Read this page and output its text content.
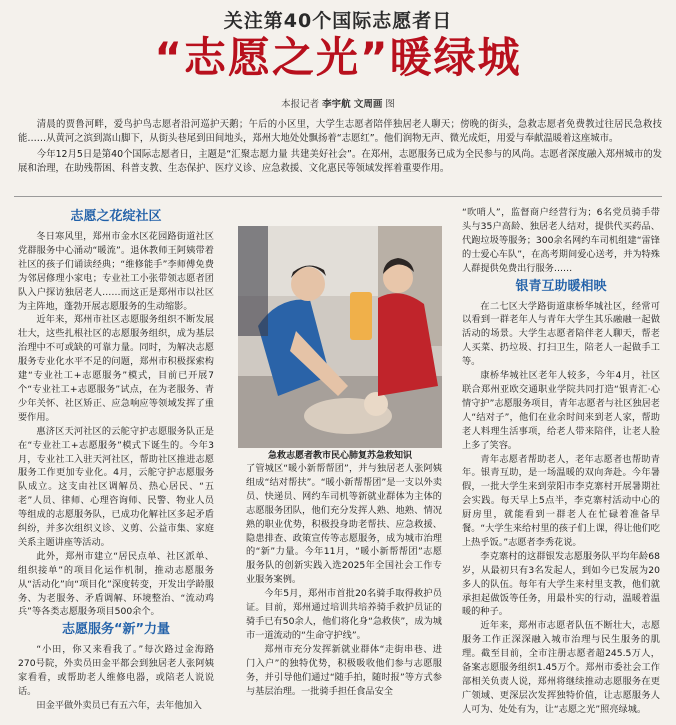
关注第40个国际志愿者日
“志愿之光”暖绿城
本报记者 李宇航 文周画 图

清晨的贾鲁河畔，爱鸟护鸟志愿者沿河巡护天鹅；午后的小区里，大学生志愿者陪伴独居老人聊天；傍晚的街头，急救志愿者免费教过往居民急救技能……从黄河之滨到嵩山脚下，从街头巷尾到田间地头，郑州大地处处飘扬着“志愿红”。他们润物无声、微光成炬，用爱与奉献温暖着这座城市。

今年12月5日是第40个国际志愿者日，主题是“汇聚志愿力量 共建美好社会”。在郑州，志愿服务已成为全民参与的风尚。志愿者深度融入郑州城市的发展和治理，在助残帮困、科普支教、生态保护、医疗义诊、应急救援、文化惠民等领域发挥着重要作用。

志愿之花绽社区

冬日寒风里，郑州市金水区花园路街道社区党群服务中心涌动“暖流”。退休教师王阿姨带着社区的孩子们诵读经典；“维修能手”李师傅免费为邻居修理小家电；专业社工小张带领志愿者团队入户探访独居老人……而这正是郑州市以社区为主阵地，蓬勃开展志愿服务的生动缩影。

近年来，郑州市社区志愿服务组织不断发展壮大，这些扎根社区的志愿服务组织，成为基层治理中不可或缺的可靠力量。同时，为解决志愿服务专业化水平不足的问题，郑州市积极探索构建“专业社工+志愿服务”模式，目前已开展7个“专业社工+志愿服务”试点，在为老服务、青少年关怀、社区矫正、应急响应等领域发挥了重要作用。

惠济区天河社区的云舵守护志愿服务队正是在“专业社工+志愿服务”模式下诞生的。今年3月，专业社工入驻天河社区，帮助社区推进志愿服务工作更加专业化。4月，云舵守护志愿服务队成立。这支由社区调解员、热心居民、“五老”人员、律师、心理咨询师、民警、物业人员等组成的志愿服务队，已成功化解社区多起矛盾纠纷，并多次组织义诊、义剪、公益市集、家庭关系主题讲座等活动。

此外，郑州市建立“居民点单、社区派单、组织接单”的项目化运作机制，推动志愿服务从“活动化”向“项目化”深度转变，开发出学龄服务、为老服务、矛盾调解、环境整治、“流动鸡兵”等各类志愿服务项目500余个。

志愿服务“新”力量

“小田，你又来看我了。”每次路过金海路270号院，外卖员田金平都会到独居老人张阿姨家看看，或帮助老人维修电器，或陪老人说说话。

田金平做外卖员已有五六年，去年他加入

急救志愿者教市民心肺复苏急救知识

了管城区“暖小新帮帮团”，并与独居老人张阿姨组成“结对帮扶”。“暖小新帮帮团”是一支以外卖员、快递员、网约车司机等新就业群体为主体的志愿服务团队，他们充分发挥人熟、地熟、情况熟的职业优势，积极投身助老帮扶、应急救援、隐患排查、政策宣传等志愿服务，成为城市治理的“新”力量。今年11月，“暖小新帮帮团”志愿服务队的创新实践入选2025年全国社会工作专业服务案例。

今年5月，郑州市首批20名骑手取得救护员证。目前，郑州通过培训共培养骑手救护员证的骑手已有50余人，他们将化身“急救侠”，成为城市一道流动的“生命守护线”。

郑州市充分发挥新就业群体“走街串巷、进门入户”的独特优势，积极吸收他们参与志愿服务，并引导他们通过“随手拍，随时报”等方式参与基层治理。一批骑手担任食品安全

“吹哨人”，监督商户经营行为；6名党员骑手带头与35户高龄、独居老人结对，提供代买药品、代跑垃圾等服务；300余名网约车司机组建“雷锋的士爱心车队”，在高考期间爱心送考，并为特殊人群提供免费出行服务……

银青互助暖相映

在二七区大学路街道康桥华城社区，经常可以看到一群老年人与青年大学生其乐融融一起做活动的场景。大学生志愿者陪伴老人聊天，帮老人买菜、扔垃圾、打扫卫生，陪老人一起做手工等。

康桥华城社区老年人较多，今年4月，社区联合郑州亚欧交通职业学院共同打造“银青汇·心情守护”志愿服务项目，青年志愿者与社区独居老人“结对子”，他们在业余时间来到老人家，帮助老人料理生活事项，给老人带来陪伴，让老人脸上多了笑容。

青年志愿者帮助老人，老年志愿者也帮助青年。银青互助，是一场温暖的双向奔赴。今年暑假，一批大学生来到荥阳市李克寨村开展暑期社会实践。每天早上5点半，李克寨村活动中心的厨房里，就能看到一群老人在忙碌着准备早餐。“大学生来给村里的孩子们上课，得让他们吃上热乎饭。”志愿者李秀花说。

李克寨村的这群银发志愿服务队平均年龄68岁，从最初只有3名发起人，到如今已发展为20多人的队伍。每年有大学生来村里支教，他们就承担起做饭等任务，用最朴实的行动，温暖着温暖的种子。

近年来，郑州市志愿者队伍不断壮大，志愿服务工作正深深融入城市治理与民生服务的肌理。截至目前，全市注册志愿者超245.5万人，备案志愿服务组织1.45万个。郑州市委社会工作部相关负责人说，郑州将继续推动志愿服务在更广领域、更深层次发挥独特价值，让志愿服务人人可为、处处有为，让“志愿之光”照亮绿城。
